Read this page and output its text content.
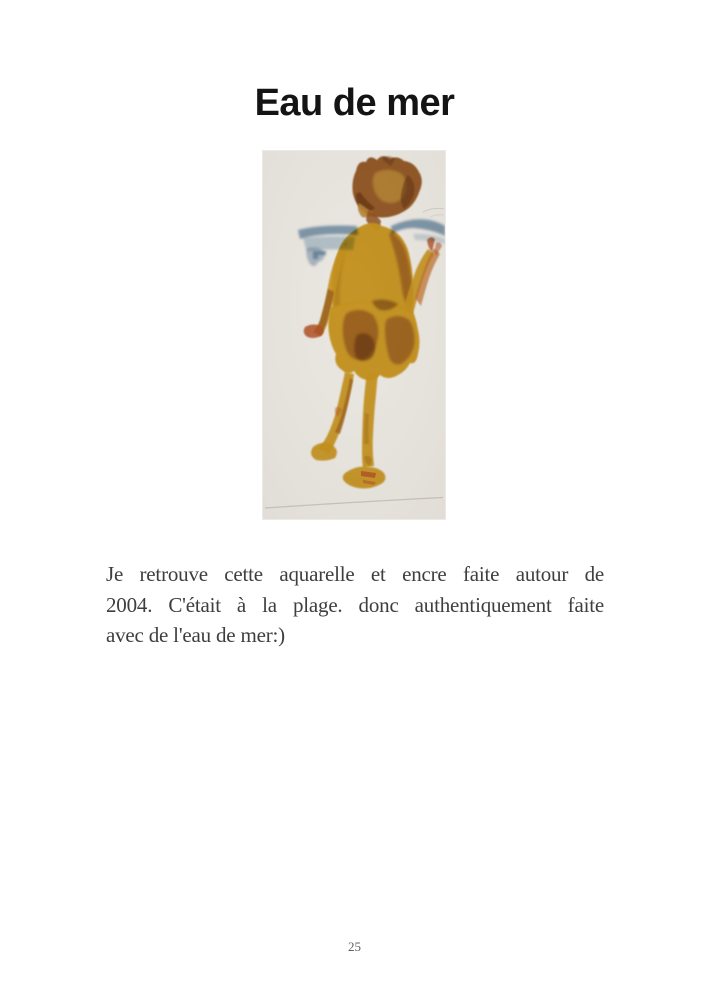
Eau de mer
Je retrouve cette aquarelle et encre faite autour de
2004. C'était à la plage. donc authentiquement faite
avec de l'eau de mer:)
25
